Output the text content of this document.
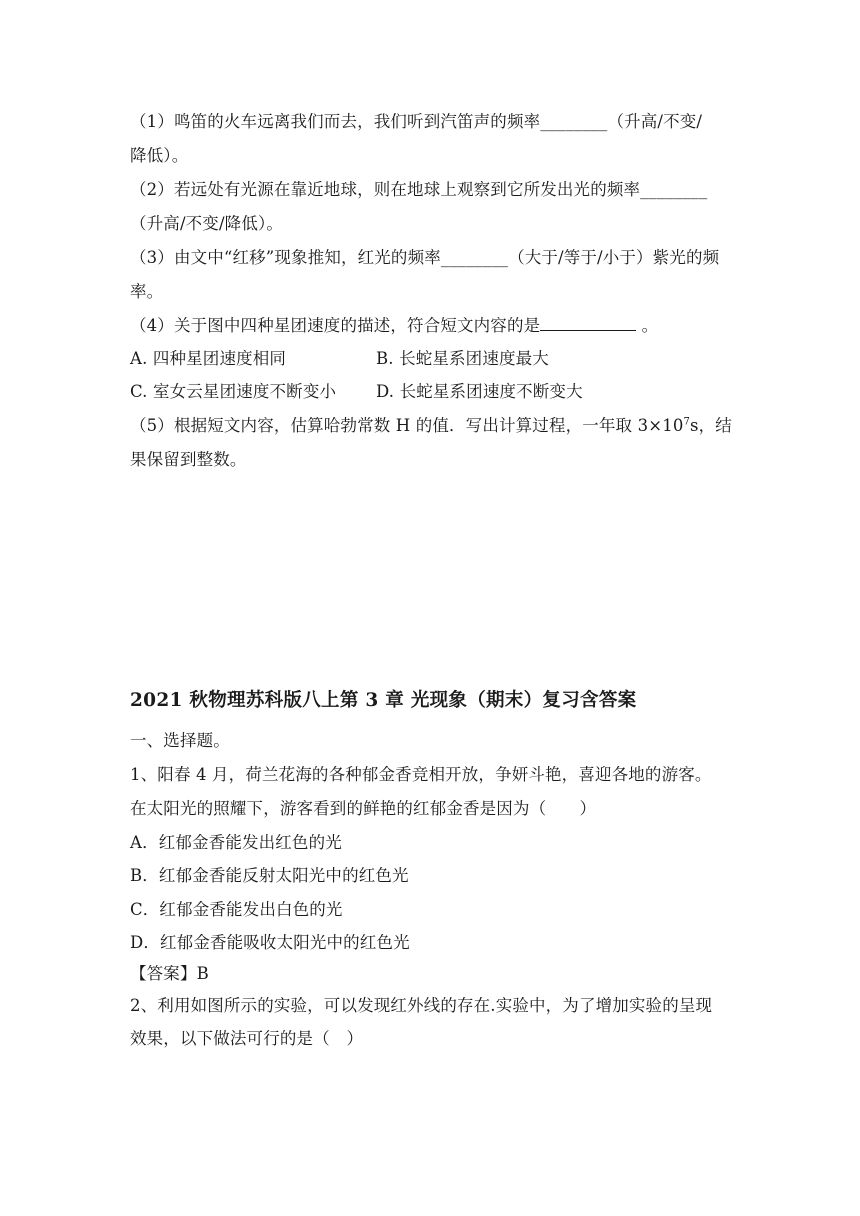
（1）鸣笛的火车远离我们而去，我们听到汽笛声的频率________（升高/不变/
降低）。
（2）若远处有光源在靠近地球，则在地球上观察到它所发出光的频率________
（升高/不变/降低）。
（3）由文中“红移”现象推知，红光的频率________（大于/等于/小于）紫光的频
率。
（4）关于图中四种星团速度的描述，符合短文内容的是	。
A. 四种星团速度相同	B. 长蛇星系团速度最大
C. 室女云星团速度不断变小 D. 长蛇星系团速度不断变大
（5）根据短文内容，估算哈勃常数 H 的值．写出计算过程，一年取 $3\times 10^7s$，结
果保留到整数。
2021 秋物理苏科版八上第 3 章 光现象（期末）复习含答案
一、选择题。
1、阳春 4 月，荷兰花海的各种郁金香竞相开放，争妍斗艳，喜迎各地的游客。
在太阳光的照耀下，游客看到的鲜艳的红郁金香是因为（　　）
A．红郁金香能发出红色的光
B．红郁金香能反射太阳光中的红色光
C．红郁金香能发出白色的光
D．红郁金香能吸收太阳光中的红色光
【答案】B
2、利用如图所示的实验，可以发现红外线的存在.实验中，为了增加实验的呈现
效果，以下做法可行的是（　）
